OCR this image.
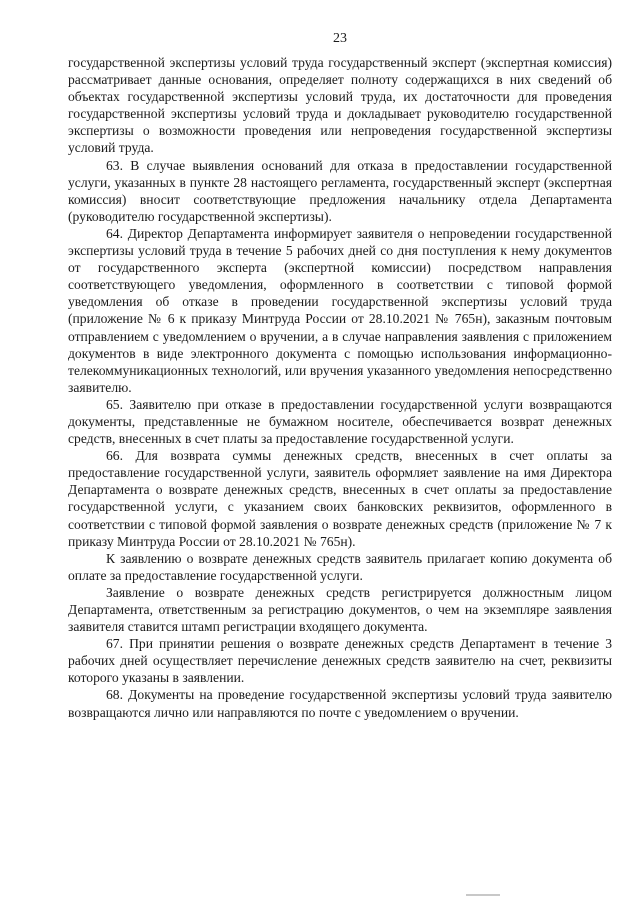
23

государственной экспертизы условий труда государственный эксперт (экспертная комиссия) рассматривает данные основания, определяет полноту содержащихся в них сведений об объектах государственной экспертизы условий труда, их достаточности для проведения государственной экспертизы условий труда и докладывает руководителю государственной экспертизы о возможности проведения или непроведения государственной экспертизы условий труда.

63. В случае выявления оснований для отказа в предоставлении государственной услуги, указанных в пункте 28 настоящего регламента, государственный эксперт (экспертная комиссия) вносит соответствующие предложения начальнику отдела Департамента (руководителю государственной экспертизы).

64. Директор Департамента информирует заявителя о непроведении государственной экспертизы условий труда в течение 5 рабочих дней со дня поступления к нему документов от государственного эксперта (экспертной комиссии) посредством направления соответствующего уведомления, оформленного в соответствии с типовой формой уведомления об отказе в проведении государственной экспертизы условий труда (приложение № 6 к приказу Минтруда России от 28.10.2021 № 765н), заказным почтовым отправлением с уведомлением о вручении, а в случае направления заявления с приложением документов в виде электронного документа с помощью использования информационно-телекоммуникационных технологий, или вручения указанного уведомления непосредственно заявителю.

65. Заявителю при отказе в предоставлении государственной услуги возвращаются документы, представленные не бумажном носителе, обеспечивается возврат денежных средств, внесенных в счет платы за предоставление государственной услуги.

66. Для возврата суммы денежных средств, внесенных в счет оплаты за предоставление государственной услуги, заявитель оформляет заявление на имя Директора Департамента о возврате денежных средств, внесенных в счет оплаты за предоставление государственной услуги, с указанием своих банковских реквизитов, оформленного в соответствии с типовой формой заявления о возврате денежных средств (приложение № 7 к приказу Минтруда России от 28.10.2021 № 765н).

К заявлению о возврате денежных средств заявитель прилагает копию документа об оплате за предоставление государственной услуги.

Заявление о возврате денежных средств регистрируется должностным лицом Департамента, ответственным за регистрацию документов, о чем на экземпляре заявления заявителя ставится штамп регистрации входящего документа.

67. При принятии решения о возврате денежных средств Департамент в течение 3 рабочих дней осуществляет перечисление денежных средств заявителю на счет, реквизиты которого указаны в заявлении.

68. Документы на проведение государственной экспертизы условий труда заявителю возвращаются лично или направляются по почте с уведомлением о вручении.
